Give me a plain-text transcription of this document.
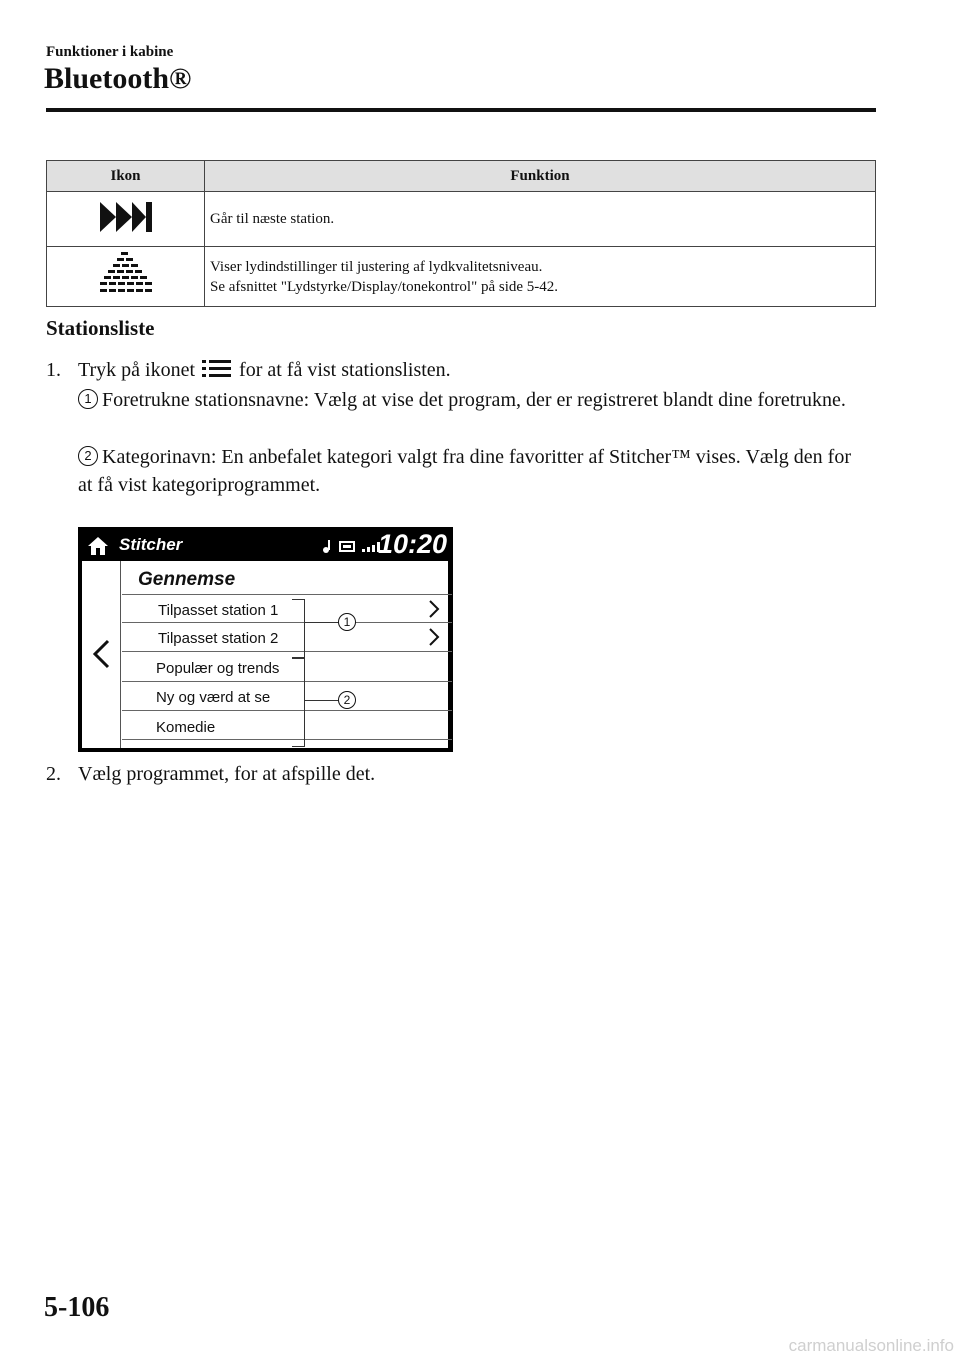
Funktioner i kabine
Bluetooth®
Ikon	Funktion
	Går til næste station.

Viser lydindstillinger til justering af lydkvalitetsniveau.
Se afsnittet "Lydstyrke/Display/tonekontrol" på side 5-42.
Stationsliste
1. Tryk på ikonet for at få vist stationslisten.
1 Foretrukne stationsnavne: Vælg at vise det program, der er registreret blandt dine foretrukne.
2 Kategorinavn: En anbefalet kategori valgt fra dine favoritter af Stitcher™ vises. Vælg den for at få vist kategoriprogrammet.
Stitcher	10:20
Gennemse
Tilpasset station 1
Tilpasset station 2
Populær og trends
Ny og værd at se
Komedie
1
2
2. Vælg programmet, for at afspille det.
5-106
carmanualsonline.info
